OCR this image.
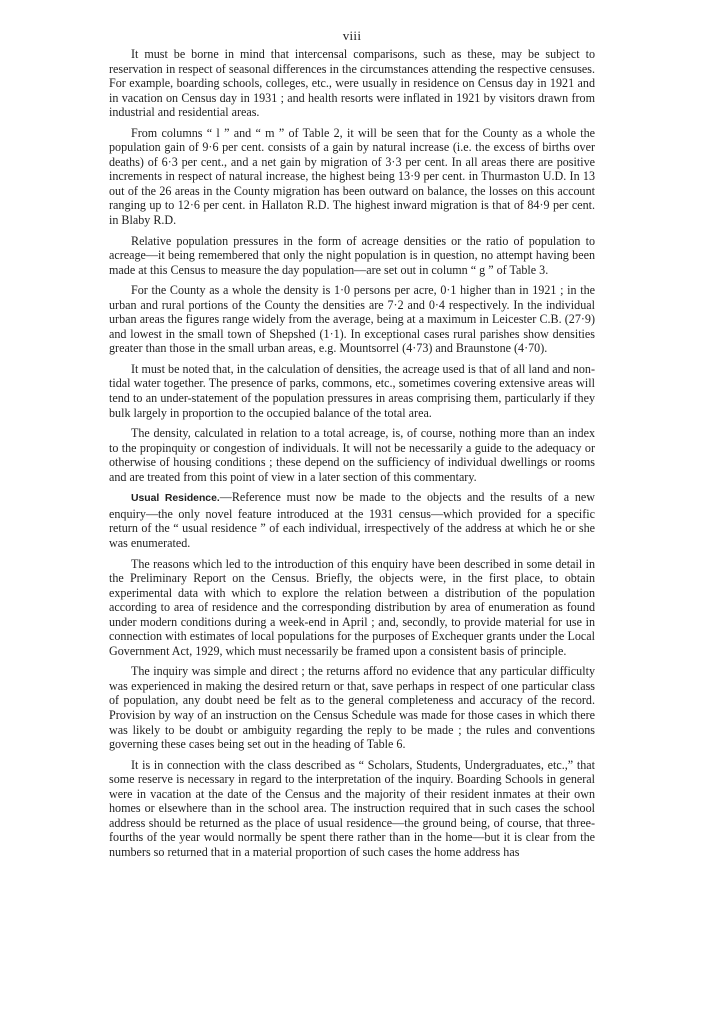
viii

It must be borne in mind that intercensal comparisons, such as these, may be subject to reservation in respect of seasonal differences in the circumstances attending the respective censuses. For example, boarding schools, colleges, etc., were usually in residence on Census day in 1921 and in vacation on Census day in 1931 ; and health resorts were inflated in 1921 by visitors drawn from industrial and residential areas.

From columns “ l ” and “ m ” of Table 2, it will be seen that for the County as a whole the population gain of 9·6 per cent. consists of a gain by natural increase (i.e. the excess of births over deaths) of 6·3 per cent., and a net gain by migration of 3·3 per cent. In all areas there are positive increments in respect of natural increase, the highest being 13·9 per cent. in Thurmaston U.D. In 13 out of the 26 areas in the County migration has been outward on balance, the losses on this account ranging up to 12·6 per cent. in Hallaton R.D. The highest inward migration is that of 84·9 per cent. in Blaby R.D.

Relative population pressures in the form of acreage densities or the ratio of population to acreage—it being remembered that only the night population is in question, no attempt having been made at this Census to measure the day population—are set out in column “ g ” of Table 3.

For the County as a whole the density is 1·0 persons per acre, 0·1 higher than in 1921 ; in the urban and rural portions of the County the densities are 7·2 and 0·4 respectively. In the individual urban areas the figures range widely from the average, being at a maximum in Leicester C.B. (27·9) and lowest in the small town of Shepshed (1·1). In exceptional cases rural parishes show densities greater than those in the small urban areas, e.g. Mountsorrel (4·73) and Braunstone (4·70).

It must be noted that, in the calculation of densities, the acreage used is that of all land and non-tidal water together. The presence of parks, commons, etc., sometimes covering extensive areas will tend to an under-statement of the population pressures in areas comprising them, particularly if they bulk largely in proportion to the occupied balance of the total area.

The density, calculated in relation to a total acreage, is, of course, nothing more than an index to the propinquity or congestion of individuals. It will not be necessarily a guide to the adequacy or otherwise of housing conditions ; these depend on the sufficiency of individual dwellings or rooms and are treated from this point of view in a later section of this commentary.

Usual Residence.—Reference must now be made to the objects and the results of a new enquiry—the only novel feature introduced at the 1931 census—which provided for a specific return of the “ usual residence ” of each individual, irrespectively of the address at which he or she was enumerated.

The reasons which led to the introduction of this enquiry have been described in some detail in the Preliminary Report on the Census. Briefly, the objects were, in the first place, to obtain experimental data with which to explore the relation between a distribution of the population according to area of residence and the corresponding distribution by area of enumeration as found under modern conditions during a week-end in April ; and, secondly, to provide material for use in connection with estimates of local populations for the purposes of Exchequer grants under the Local Government Act, 1929, which must necessarily be framed upon a consistent basis of principle.

The inquiry was simple and direct ; the returns afford no evidence that any particular difficulty was experienced in making the desired return or that, save perhaps in respect of one particular class of population, any doubt need be felt as to the general completeness and accuracy of the record. Provision by way of an instruction on the Census Schedule was made for those cases in which there was likely to be doubt or ambiguity regarding the reply to be made ; the rules and conventions governing these cases being set out in the heading of Table 6.

It is in connection with the class described as “ Scholars, Students, Undergraduates, etc.,” that some reserve is necessary in regard to the interpretation of the inquiry. Boarding Schools in general were in vacation at the date of the Census and the majority of their resident inmates at their own homes or elsewhere than in the school area. The instruction required that in such cases the school address should be returned as the place of usual residence—the ground being, of course, that three-fourths of the year would normally be spent there rather than in the home—but it is clear from the numbers so returned that in a material proportion of such cases the home address has
